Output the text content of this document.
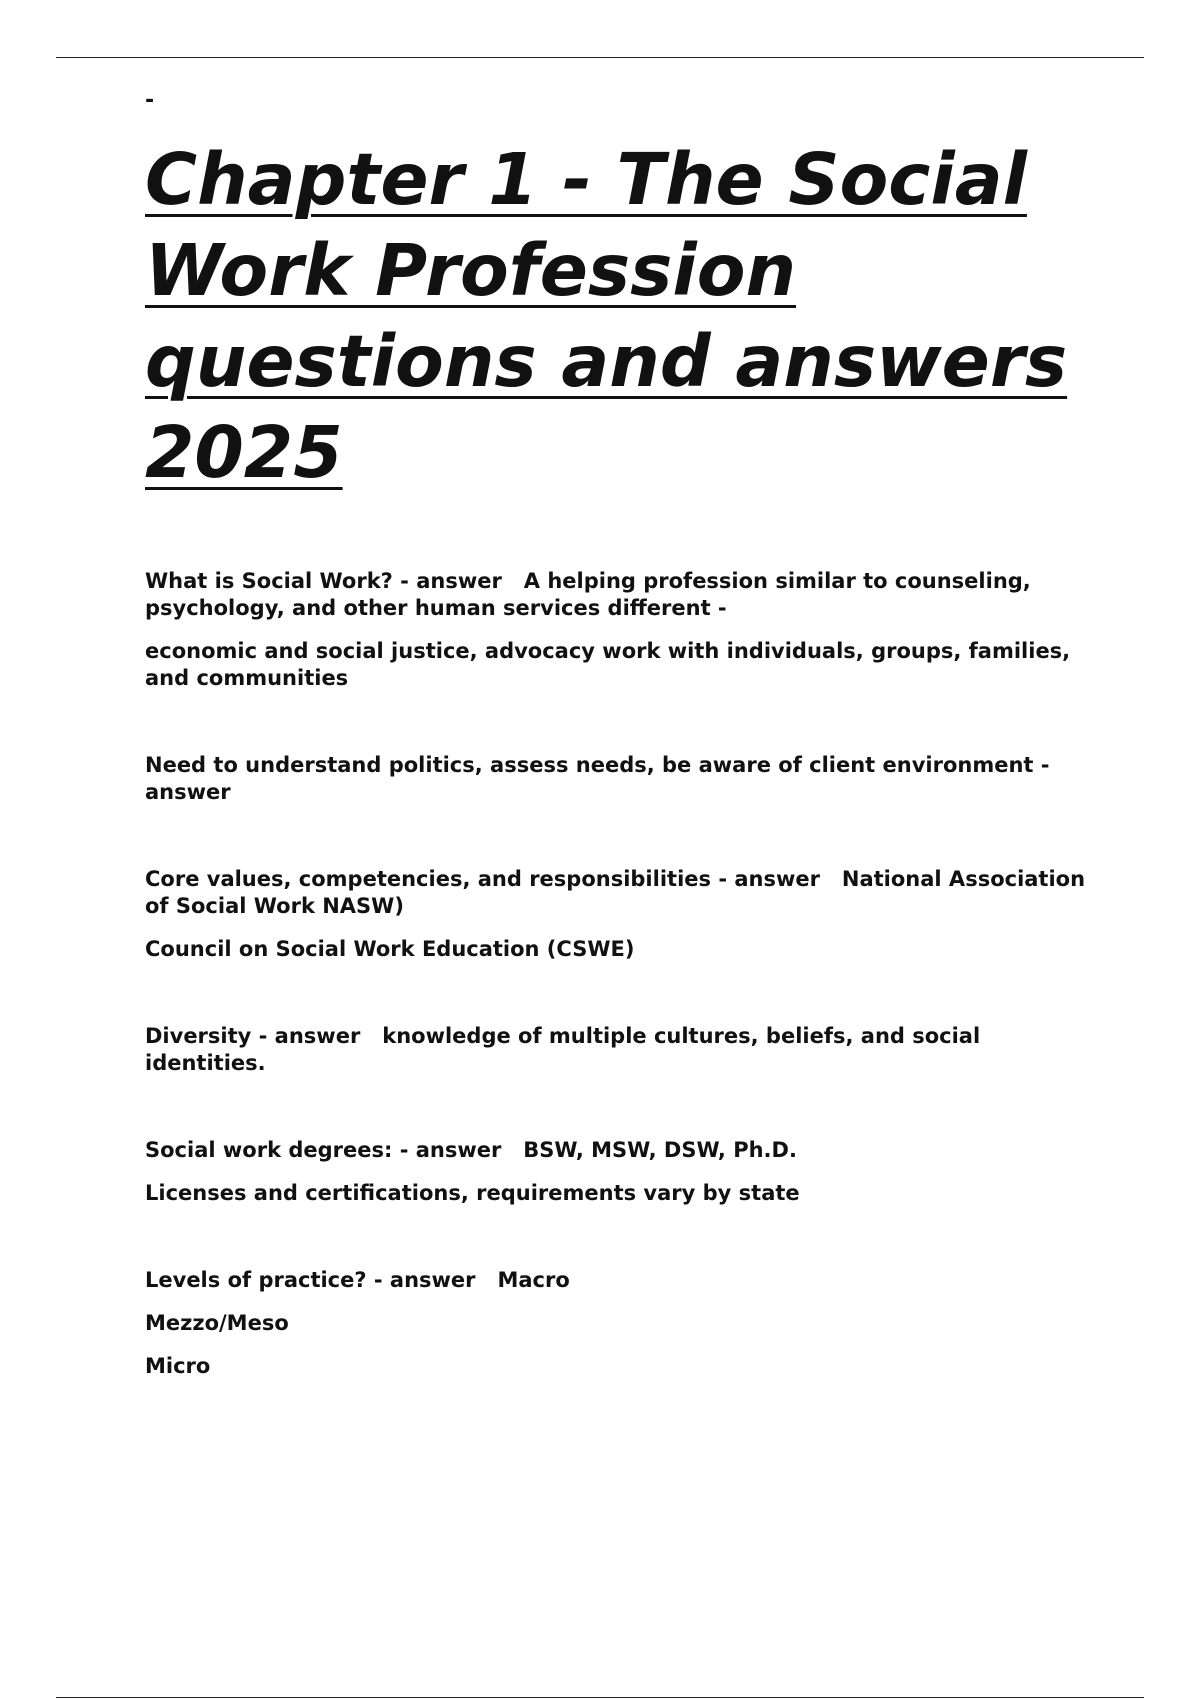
-
Chapter 1 - The Social Work Profession questions and answers 2025

What is Social Work? - answer   A helping profession similar to counseling, psychology, and other human services different -

economic and social justice, advocacy work with individuals, groups, families, and communities

Need to understand politics, assess needs, be aware of client environment - answer

Core values, competencies, and responsibilities - answer   National Association of Social Work NASW)

Council on Social Work Education (CSWE)

Diversity - answer   knowledge of multiple cultures, beliefs, and social identities.

Social work degrees: - answer   BSW, MSW, DSW, Ph.D.

Licenses and certifications, requirements vary by state

Levels of practice? - answer   Macro

Mezzo/Meso

Micro
